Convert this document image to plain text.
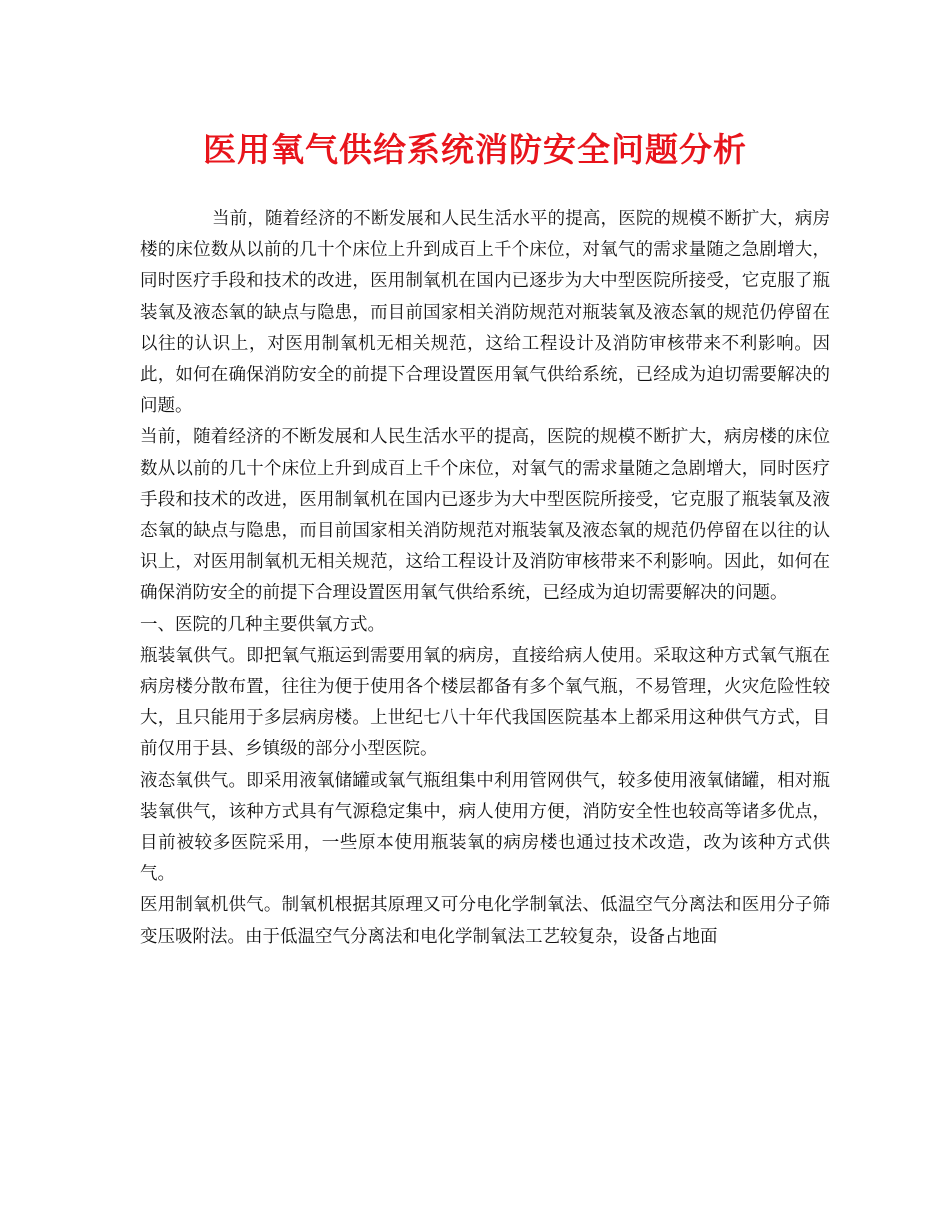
医用氧气供给系统消防安全问题分析

当前，随着经济的不断发展和人民生活水平的提高，医院的规模不断扩大，病房楼的床位数从以前的几十个床位上升到成百上千个床位，对氧气的需求量随之急剧增大，同时医疗手段和技术的改进，医用制氧机在国内已逐步为大中型医院所接受，它克服了瓶装氧及液态氧的缺点与隐患，而目前国家相关消防规范对瓶装氧及液态氧的规范仍停留在以往的认识上，对医用制氧机无相关规范，这给工程设计及消防审核带来不利影响。因此，如何在确保消防安全的前提下合理设置医用氧气供给系统，已经成为迫切需要解决的问题。

当前，随着经济的不断发展和人民生活水平的提高，医院的规模不断扩大，病房楼的床位数从以前的几十个床位上升到成百上千个床位，对氧气的需求量随之急剧增大，同时医疗手段和技术的改进，医用制氧机在国内已逐步为大中型医院所接受，它克服了瓶装氧及液态氧的缺点与隐患，而目前国家相关消防规范对瓶装氧及液态氧的规范仍停留在以往的认识上，对医用制氧机无相关规范，这给工程设计及消防审核带来不利影响。因此，如何在确保消防安全的前提下合理设置医用氧气供给系统，已经成为迫切需要解决的问题。

一、医院的几种主要供氧方式。

瓶装氧供气。即把氧气瓶运到需要用氧的病房，直接给病人使用。采取这种方式氧气瓶在病房楼分散布置，往往为便于使用各个楼层都备有多个氧气瓶，不易管理，火灾危险性较大，且只能用于多层病房楼。上世纪七八十年代我国医院基本上都采用这种供气方式，目前仅用于县、乡镇级的部分小型医院。

液态氧供气。即采用液氧储罐或氧气瓶组集中利用管网供气，较多使用液氧储罐，相对瓶装氧供气，该种方式具有气源稳定集中，病人使用方便，消防安全性也较高等诸多优点，目前被较多医院采用，一些原本使用瓶装氧的病房楼也通过技术改造，改为该种方式供气。

医用制氧机供气。制氧机根据其原理又可分电化学制氧法、低温空气分离法和医用分子筛变压吸附法。由于低温空气分离法和电化学制氧法工艺较复杂，设备占地面
